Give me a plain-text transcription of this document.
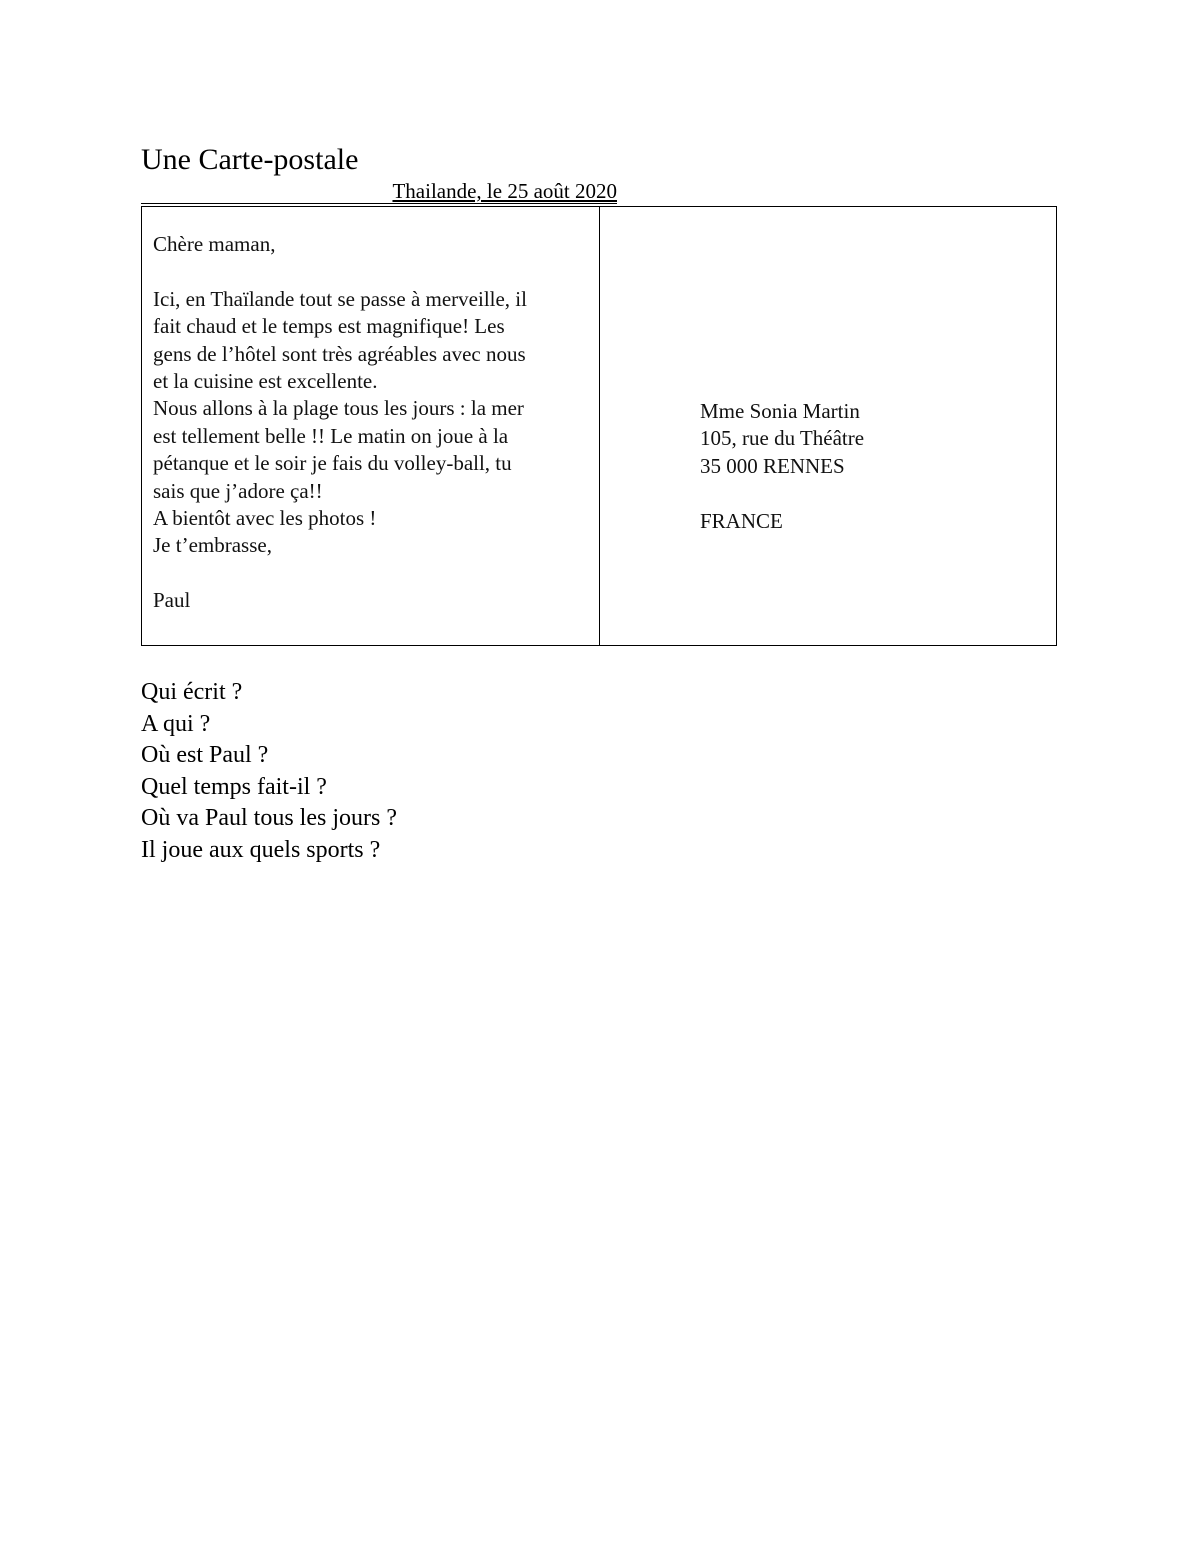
Une Carte-postale
Thailande, le 25 août 2020
Chère maman,
Ici, en Thaïlande tout se passe à merveille, il
fait chaud et le temps est magnifique! Les
gens de l’hôtel sont très agréables avec nous
et la cuisine est excellente.
Nous allons à la plage tous les jours : la mer
est tellement belle !! Le matin on joue à la
pétanque et le soir je fais du volley-ball, tu
sais que j’adore ça!!
A bientôt avec les photos !
Je t’embrasse,
Paul
Mme Sonia Martin
105, rue du Théâtre
35 000 RENNES
FRANCE
Qui écrit ?
A qui ?
Où est Paul ?
Quel temps fait-il ?
Où va Paul tous les jours ?
Il joue aux quels sports ?
